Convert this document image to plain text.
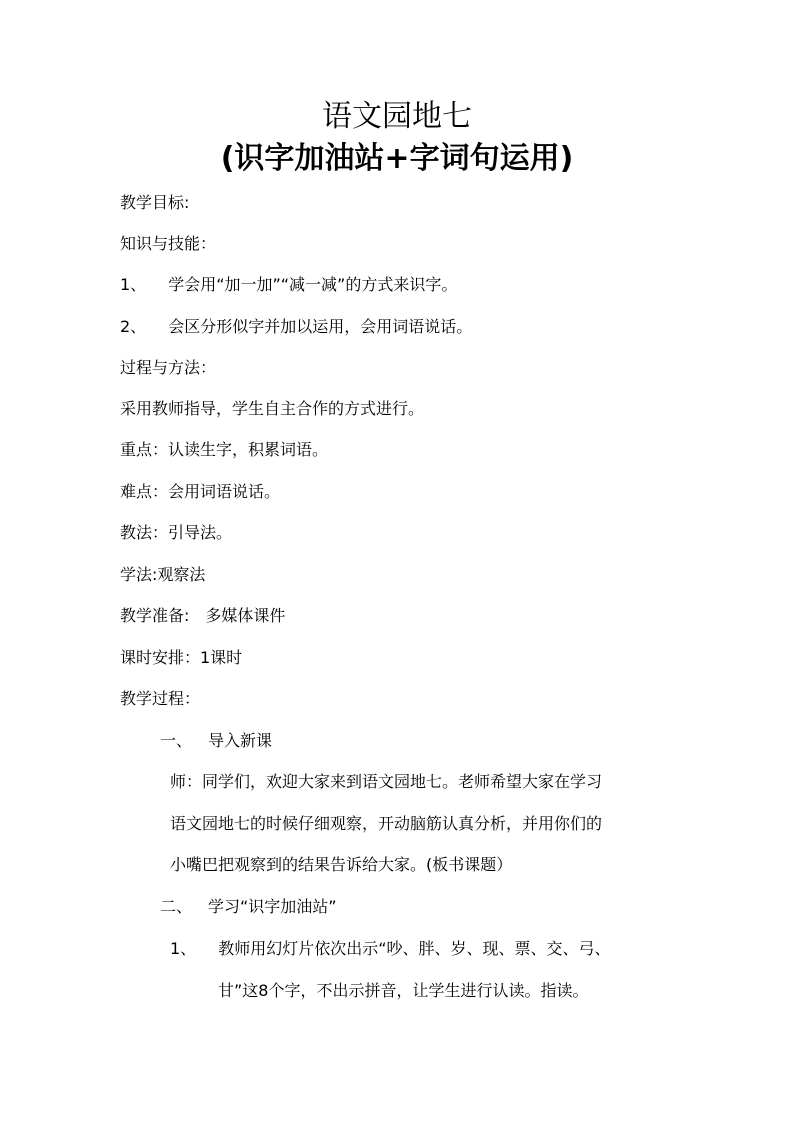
语文园地七
(识字加油站+字词句运用)
教学目标:
知识与技能：
1、 学会用“加一加”“减一减”的方式来识字。
2、 会区分形似字并加以运用，会用词语说话。
过程与方法：
采用教师指导，学生自主合作的方式进行。
重点：认读生字，积累词语。
难点：会用词语说话。
教法：引导法。
学法:观察法
教学准备:　多媒体课件
课时安排：1课时
教学过程：
一、 导入新课
师：同学们，欢迎大家来到语文园地七。老师希望大家在学习
语文园地七的时候仔细观察，开动脑筋认真分析，并用你们的
小嘴巴把观察到的结果告诉给大家。(板书课题）
二、 学习“识字加油站”
1、 教师用幻灯片依次出示“吵、胖、岁、现、票、交、弓、
甘”这8个字，不出示拼音，让学生进行认读。指读。
